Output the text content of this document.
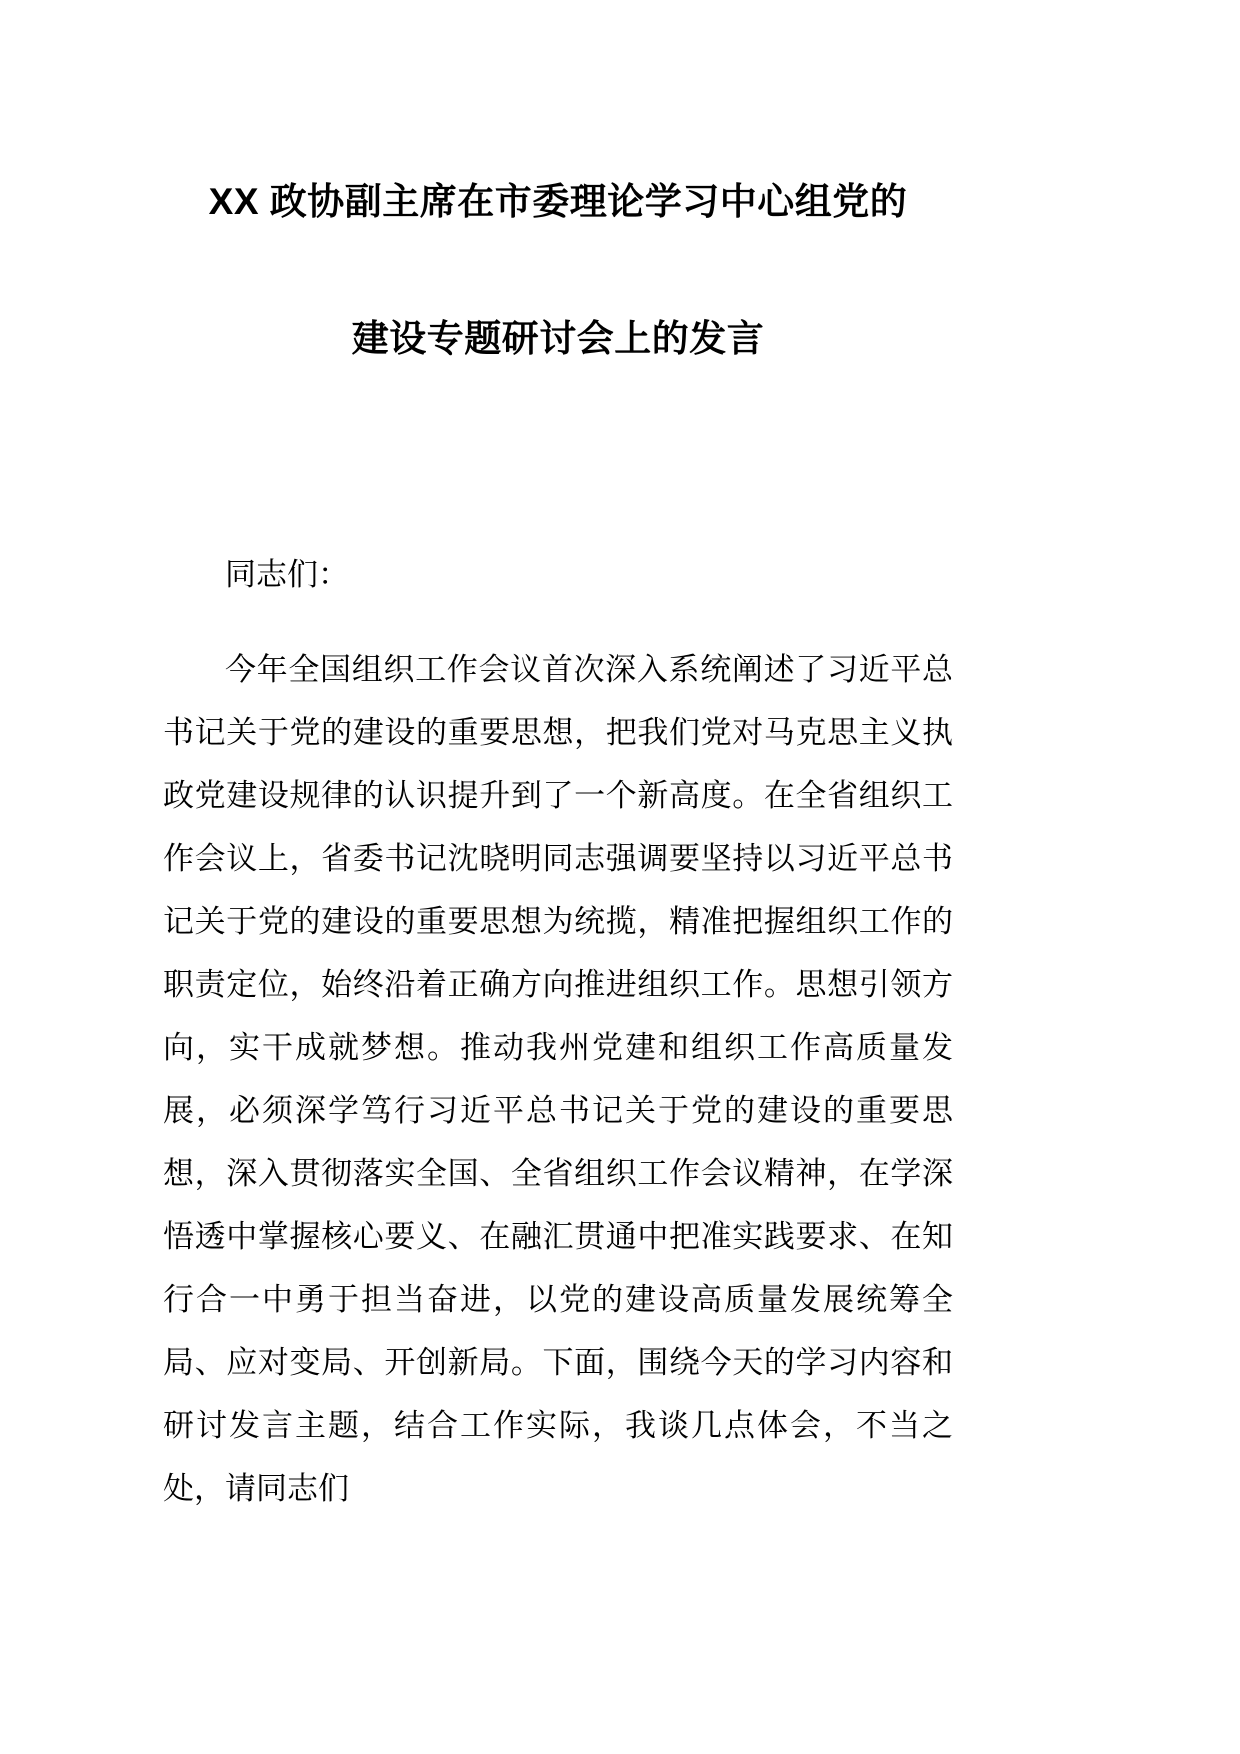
XX 政协副主席在市委理论学习中心组党的
建设专题研讨会上的发言

同志们：

今年全国组织工作会议首次深入系统阐述了习近平总书记关于党的建设的重要思想，把我们党对马克思主义执政党建设规律的认识提升到了一个新高度。在全省组织工作会议上，省委书记沈晓明同志强调要坚持以习近平总书记关于党的建设的重要思想为统揽，精准把握组织工作的职责定位，始终沿着正确方向推进组织工作。思想引领方向，实干成就梦想。推动我州党建和组织工作高质量发展，必须深学笃行习近平总书记关于党的建设的重要思想，深入贯彻落实全国、全省组织工作会议精神，在学深悟透中掌握核心要义、在融汇贯通中把准实践要求、在知行合一中勇于担当奋进，以党的建设高质量发展统筹全局、应对变局、开创新局。下面，围绕今天的学习内容和研讨发言主题，结合工作实际，我谈几点体会，不当之处，请同志们
